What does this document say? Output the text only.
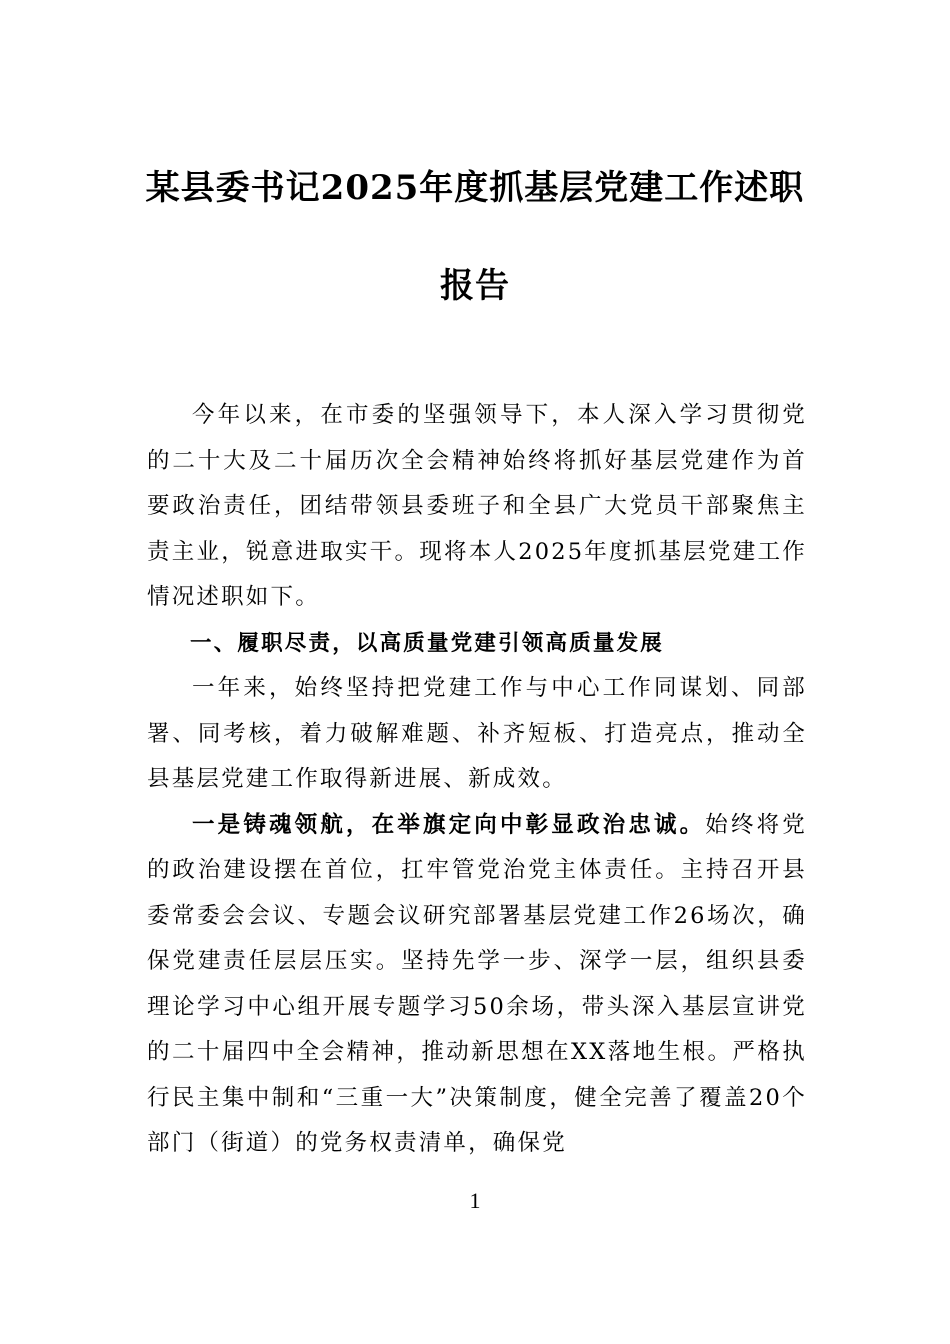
某县委书记2025年度抓基层党建工作述职
报告

今年以来，在市委的坚强领导下，本人深入学习贯彻党的二十大及二十届历次全会精神始终将抓好基层党建作为首要政治责任，团结带领县委班子和全县广大党员干部聚焦主责主业，锐意进取实干。现将本人2025年度抓基层党建工作情况述职如下。

一、履职尽责，以高质量党建引领高质量发展

一年来，始终坚持把党建工作与中心工作同谋划、同部署、同考核，着力破解难题、补齐短板、打造亮点，推动全县基层党建工作取得新进展、新成效。

一是铸魂领航，在举旗定向中彰显政治忠诚。始终将党的政治建设摆在首位，扛牢管党治党主体责任。主持召开县委常委会会议、专题会议研究部署基层党建工作26场次，确保党建责任层层压实。坚持先学一步、深学一层，组织县委理论学习中心组开展专题学习50余场，带头深入基层宣讲党的二十届四中全会精神，推动新思想在XX落地生根。严格执行民主集中制和“三重一大”决策制度，健全完善了覆盖20个部门（街道）的党务权责清单，确保党

1
